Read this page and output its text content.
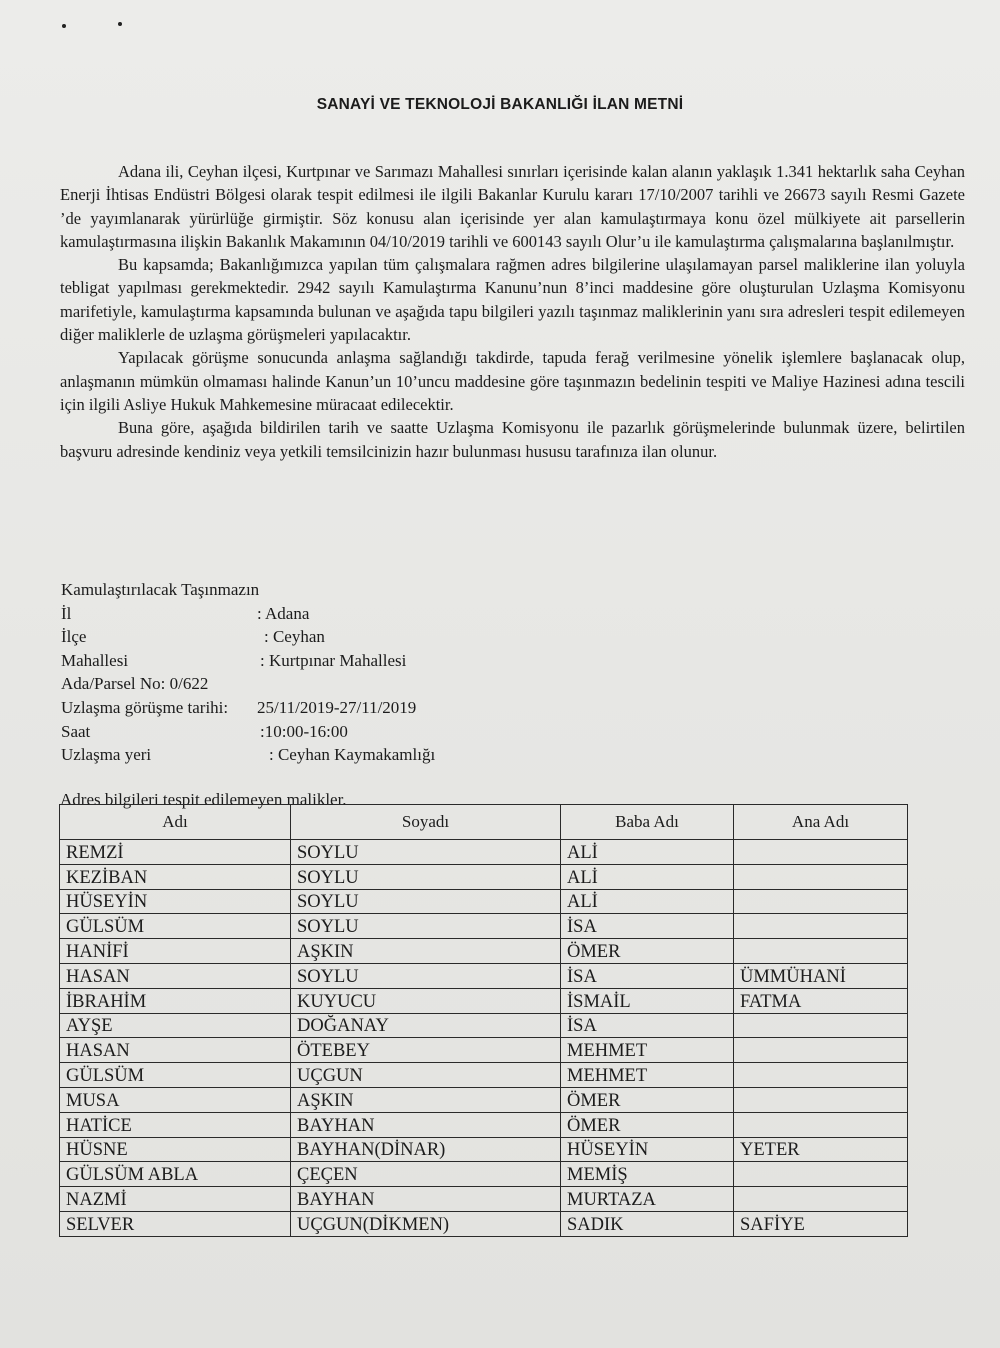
SANAYİ VE TEKNOLOJİ BAKANLIĞI İLAN METNİ

Adana ili, Ceyhan ilçesi, Kurtpınar ve Sarımazı Mahallesi sınırları içerisinde kalan alanın yaklaşık 1.341 hektarlık saha Ceyhan Enerji İhtisas Endüstri Bölgesi olarak tespit edilmesi ile ilgili Bakanlar Kurulu kararı 17/10/2007 tarihli ve 26673 sayılı Resmi Gazete ’de yayımlanarak yürürlüğe girmiştir. Söz konusu alan içerisinde yer alan kamulaştırmaya konu özel mülkiyete ait parsellerin kamulaştırmasına ilişkin Bakanlık Makamının 04/10/2019 tarihli ve 600143 sayılı Olur’u ile kamulaştırma çalışmalarına başlanılmıştır.

Bu kapsamda; Bakanlığımızca yapılan tüm çalışmalara rağmen adres bilgilerine ulaşılamayan parsel maliklerine ilan yoluyla tebligat yapılması gerekmektedir. 2942 sayılı Kamulaştırma Kanunu’nun 8’inci maddesine göre oluşturulan Uzlaşma Komisyonu marifetiyle, kamulaştırma kapsamında bulunan ve aşağıda tapu bilgileri yazılı taşınmaz maliklerinin yanı sıra adresleri tespit edilemeyen diğer maliklerle de uzlaşma görüşmeleri yapılacaktır.

Yapılacak görüşme sonucunda anlaşma sağlandığı takdirde, tapuda ferağ verilmesine yönelik işlemlere başlanacak olup, anlaşmanın mümkün olmaması halinde Kanun’un 10’uncu maddesine göre taşınmazın bedelinin tespiti ve Maliye Hazinesi adına tescili için ilgili Asliye Hukuk Mahkemesine müracaat edilecektir.

Buna göre, aşağıda bildirilen tarih ve saatte Uzlaşma Komisyonu ile pazarlık görüşmelerinde bulunmak üzere, belirtilen başvuru adresinde kendiniz veya yetkili temsilcinizin hazır bulunması hususu tarafınıza ilan olunur.

Kamulaştırılacak Taşınmazın
İl	: Adana
İlçe	: Ceyhan
Mahallesi	: Kurtpınar Mahallesi
Ada/Parsel No: 0/622
Uzlaşma görüşme tarihi: 25/11/2019-27/11/2019
Saat	:10:00-16:00
Uzlaşma yeri	: Ceyhan Kaymakamlığı
Adres bilgileri tespit edilemeyen malikler.
Adı	Soyadı	Baba Adı	Ana Adı
REMZİ	SOYLU	ALİ	
KEZİBAN	SOYLU	ALİ	
HÜSEYİN	SOYLU	ALİ	
GÜLSÜM	SOYLU	İSA	
HANİFİ	AŞKIN	ÖMER	
HASAN	SOYLU	İSA	ÜMMÜHANİ
İBRAHİM	KUYUCU	İSMAİL	FATMA
AYŞE	DOĞANAY	İSA	
HASAN	ÖTEBEY	MEHMET	
GÜLSÜM	UÇGUN	MEHMET	
MUSA	AŞKIN	ÖMER	
HATİCE	BAYHAN	ÖMER	
HÜSNE	BAYHAN(DİNAR)	HÜSEYİN	YETER
GÜLSÜM ABLA	ÇEÇEN	MEMİŞ	
NAZMİ	BAYHAN	MURTAZA	
SELVER	UÇGUN(DİKMEN)	SADIK	SAFİYE
